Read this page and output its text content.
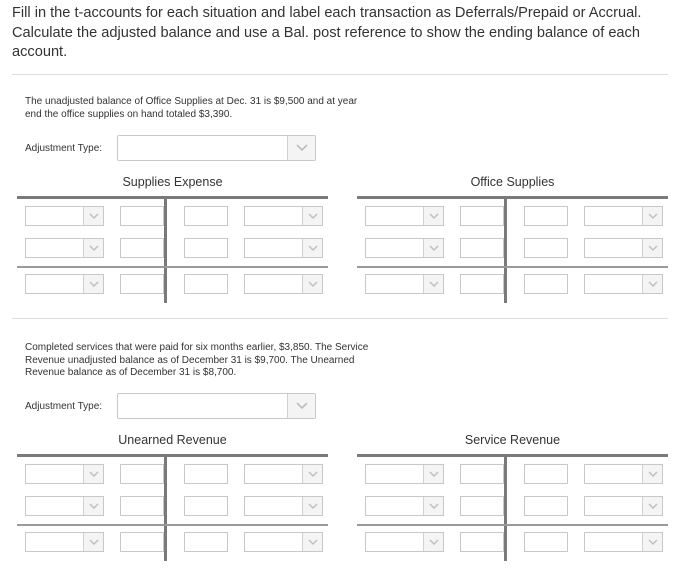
Fill in the t-accounts for each situation and label each transaction as Deferrals/Prepaid or Accrual. Calculate the adjusted balance and use a Bal. post reference to show the ending balance of each account.
The unadjusted balance of Office Supplies at Dec. 31 is $9,500 and at year end the office supplies on hand totaled $3,390.
Adjustment Type:
Supplies Expense	Office Supplies
Completed services that were paid for six months earlier, $3,850. The Service Revenue unadjusted balance as of December 31 is $9,700. The Unearned Revenue balance as of December 31 is $8,700.
Adjustment Type:
Unearned Revenue	Service Revenue
